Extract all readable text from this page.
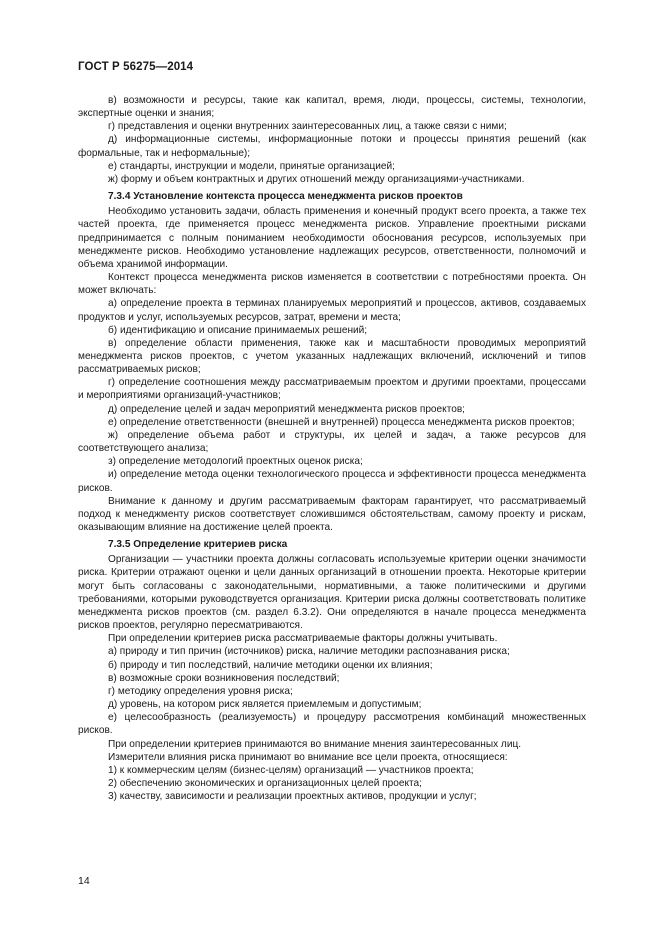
ГОСТ Р 56275—2014

в) возможности и ресурсы, такие как капитал, время, люди, процессы, системы, технологии, экспертные оценки и знания;

г) представления и оценки внутренних заинтересованных лиц, а также связи с ними;

д) информационные системы, информационные потоки и процессы принятия решений (как формальные, так и неформальные);

е) стандарты, инструкции и модели, принятые организацией;

ж) форму и объем контрактных и других отношений между организациями-участниками.

7.3.4 Установление контекста процесса менеджмента рисков проектов

Необходимо установить задачи, область применения и конечный продукт всего проекта, а также тех частей проекта, где применяется процесс менеджмента рисков. Управление проектными рисками предпринимается с полным пониманием необходимости обоснования ресурсов, используемых при менеджменте рисков. Необходимо установление надлежащих ресурсов, ответственности, полномочий и объема хранимой информации.

Контекст процесса менеджмента рисков изменяется в соответствии с потребностями проекта. Он может включать:

а) определение проекта в терминах планируемых мероприятий и процессов, активов, создаваемых продуктов и услуг, используемых ресурсов, затрат, времени и места;

б) идентификацию и описание принимаемых решений;

в) определение области применения, также как и масштабности проводимых мероприятий менеджмента рисков проектов, с учетом указанных надлежащих включений, исключений и типов рассматриваемых рисков;

г) определение соотношения между рассматриваемым проектом и другими проектами, процессами и мероприятиями организаций-участников;

д) определение целей и задач мероприятий менеджмента рисков проектов;

е) определение ответственности (внешней и внутренней) процесса менеджмента рисков проектов;

ж) определение объема работ и структуры, их целей и задач, а также ресурсов для соответствующего анализа;

з) определение методологий проектных оценок риска;

и) определение метода оценки технологического процесса и эффективности процесса менеджмента рисков.

Внимание к данному и другим рассматриваемым факторам гарантирует, что рассматриваемый подход к менеджменту рисков соответствует сложившимся обстоятельствам, самому проекту и рискам, оказывающим влияние на достижение целей проекта.

7.3.5 Определение критериев риска

Организации — участники проекта должны согласовать используемые критерии оценки значимости риска. Критерии отражают оценки и цели данных организаций в отношении проекта. Некоторые критерии могут быть согласованы с законодательными, нормативными, а также политическими и другими требованиями, которыми руководствуется организация. Критерии риска должны соответствовать политике менеджмента рисков проектов (см. раздел 6.3.2). Они определяются в начале процесса менеджмента рисков проектов, регулярно пересматриваются.

При определении критериев риска рассматриваемые факторы должны учитывать.

а) природу и тип причин (источников) риска, наличие методики распознавания риска;

б) природу и тип последствий, наличие методики оценки их влияния;

в) возможные сроки возникновения последствий;

г) методику определения уровня риска;

д) уровень, на котором риск является приемлемым и допустимым;

е) целесообразность (реализуемость) и процедуру рассмотрения комбинаций множественных рисков.

При определении критериев принимаются во внимание мнения заинтересованных лиц.

Измерители влияния риска принимают во внимание все цели проекта, относящиеся:

1) к коммерческим целям (бизнес-целям) организаций — участников проекта;

2) обеспечению экономических и организационных целей проекта;

3) качеству, зависимости и реализации проектных активов, продукции и услуг;

14
